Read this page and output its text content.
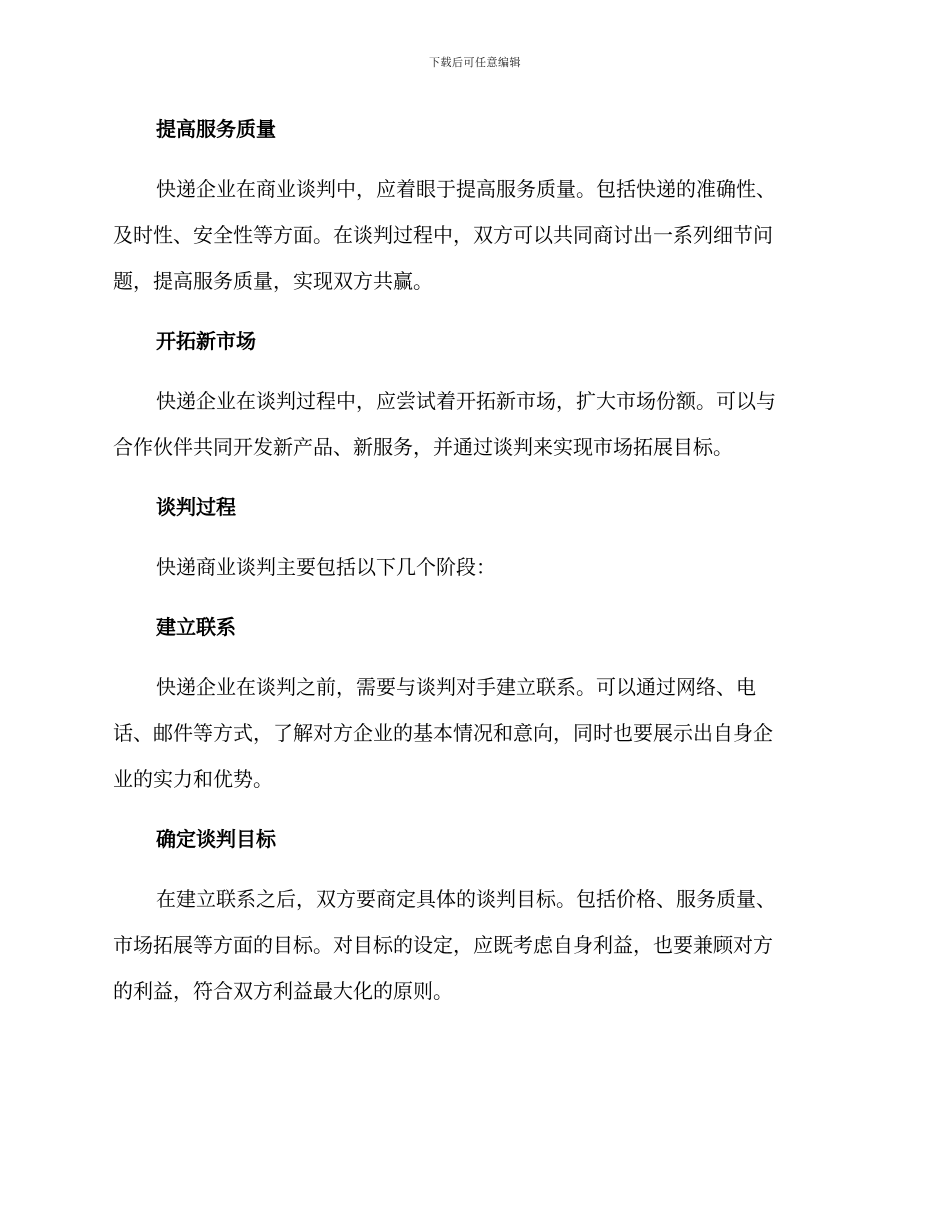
下载后可任意编辑
提高服务质量
快递企业在商业谈判中，应着眼于提高服务质量。包括快递的准确性、
及时性、安全性等方面。在谈判过程中，双方可以共同商讨出一系列细节问
题，提高服务质量，实现双方共赢。
开拓新市场
快递企业在谈判过程中，应尝试着开拓新市场，扩大市场份额。可以与
合作伙伴共同开发新产品、新服务，并通过谈判来实现市场拓展目标。
谈判过程
快递商业谈判主要包括以下几个阶段：
建立联系
快递企业在谈判之前，需要与谈判对手建立联系。可以通过网络、电
话、邮件等方式，了解对方企业的基本情况和意向，同时也要展示出自身企
业的实力和优势。
确定谈判目标
在建立联系之后，双方要商定具体的谈判目标。包括价格、服务质量、
市场拓展等方面的目标。对目标的设定，应既考虑自身利益，也要兼顾对方
的利益，符合双方利益最大化的原则。
